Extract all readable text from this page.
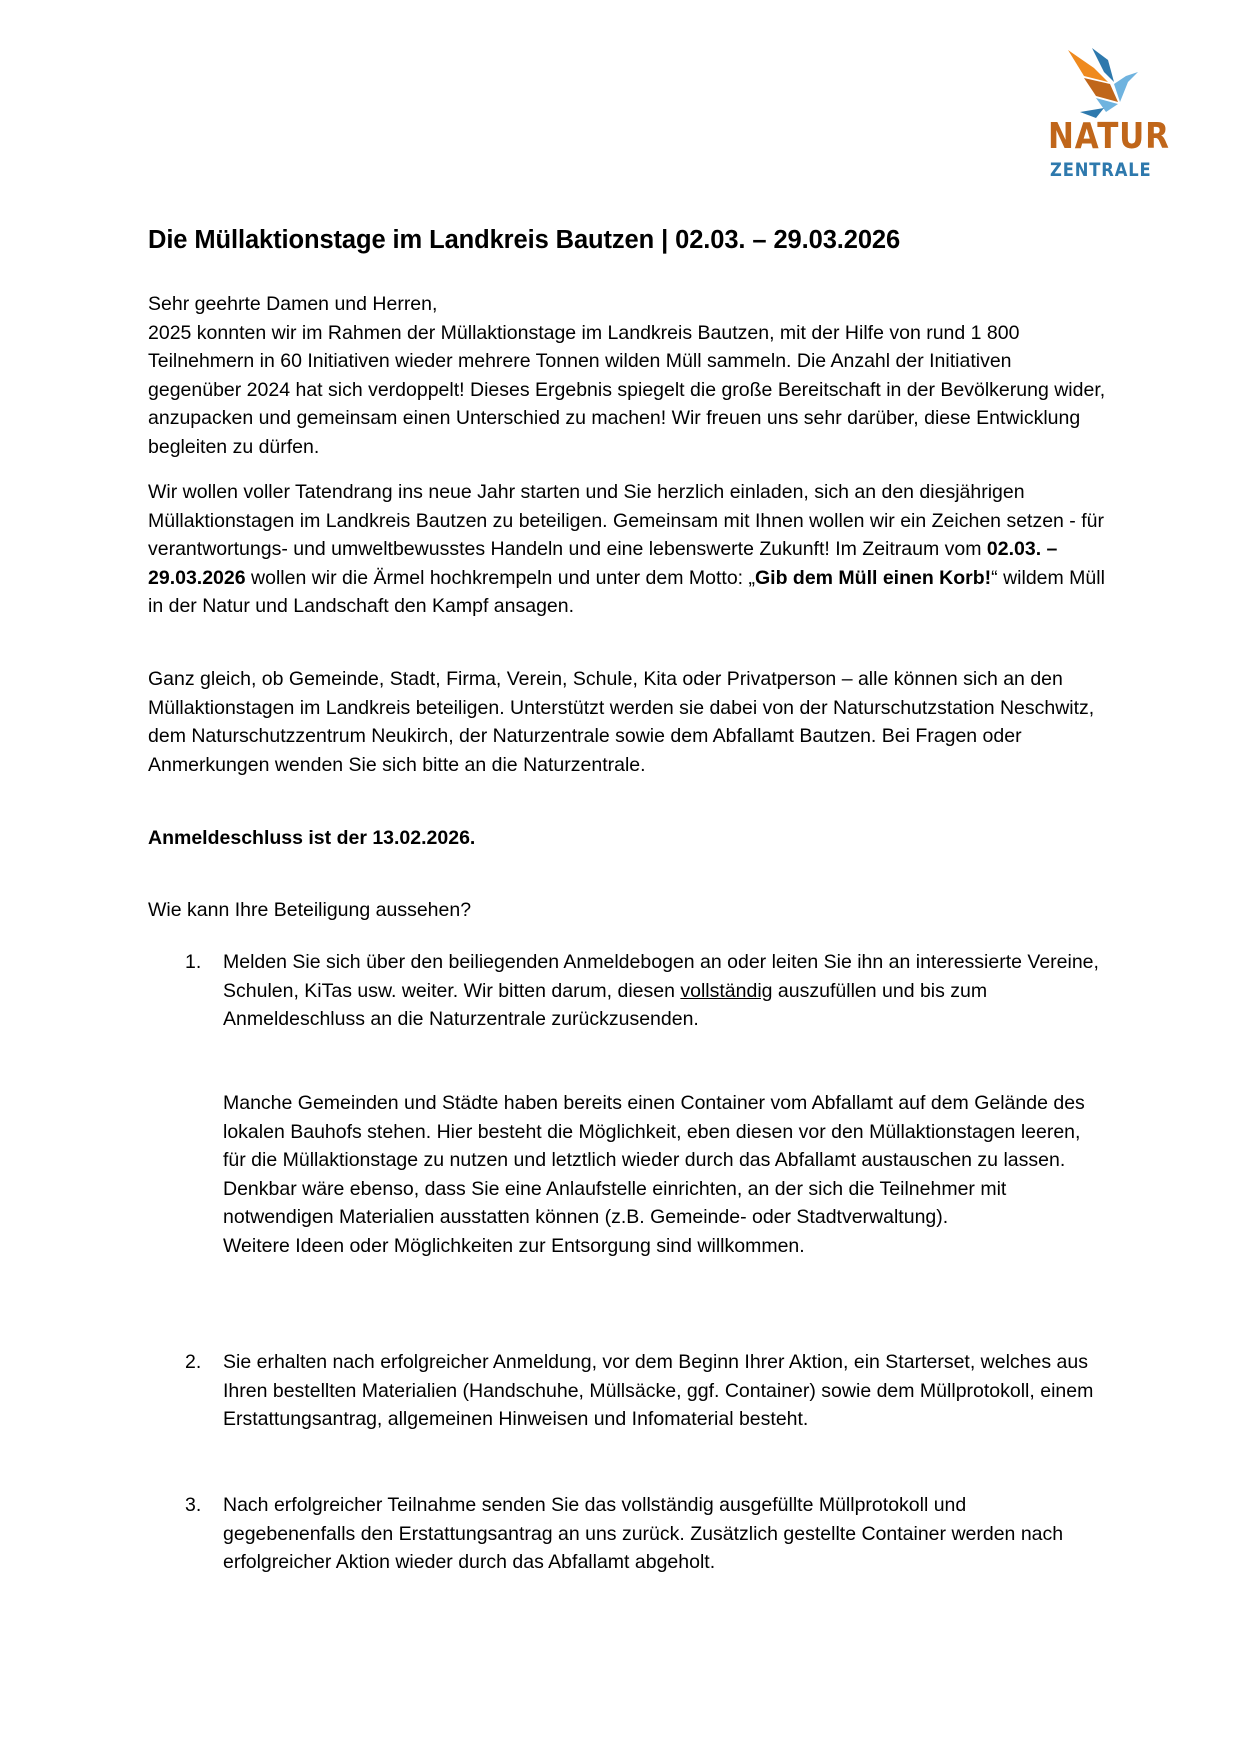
NATUR
ZENTRALE
Die Müllaktionstage im Landkreis Bautzen | 02.03. – 29.03.2026

Sehr geehrte Damen und Herren,

2025 konnten wir im Rahmen der Müllaktionstage im Landkreis Bautzen, mit der Hilfe von rund 1 800 Teilnehmern in 60 Initiativen wieder mehrere Tonnen wilden Müll sammeln. Die Anzahl der Initiativen gegenüber 2024 hat sich verdoppelt! Dieses Ergebnis spiegelt die große Bereitschaft in der Bevölkerung wider, anzupacken und gemeinsam einen Unterschied zu machen! Wir freuen uns sehr darüber, diese Entwicklung begleiten zu dürfen.

Wir wollen voller Tatendrang ins neue Jahr starten und Sie herzlich einladen, sich an den diesjährigen Müllaktionstagen im Landkreis Bautzen zu beteiligen. Gemeinsam mit Ihnen wollen wir ein Zeichen setzen - für verantwortungs- und umweltbewusstes Handeln und eine lebenswerte Zukunft! Im Zeitraum vom 02.03. – 29.03.2026 wollen wir die Ärmel hochkrempeln und unter dem Motto: „Gib dem Müll einen Korb!“ wildem Müll in der Natur und Landschaft den Kampf ansagen.
Ganz gleich, ob Gemeinde, Stadt, Firma, Verein, Schule, Kita oder Privatperson – alle können sich an den Müllaktionstagen im Landkreis beteiligen. Unterstützt werden sie dabei von der Naturschutzstation Neschwitz, dem Naturschutzzentrum Neukirch, der Naturzentrale sowie dem Abfallamt Bautzen. Bei Fragen oder Anmerkungen wenden Sie sich bitte an die Naturzentrale.
Anmeldeschluss ist der 13.02.2026.
Wie kann Ihre Beteiligung aussehen?
1. Melden Sie sich über den beiliegenden Anmeldebogen an oder leiten Sie ihn an interessierte Vereine, Schulen, KiTas usw. weiter. Wir bitten darum, diesen vollständig auszufüllen und bis zum Anmeldeschluss an die Naturzentrale zurückzusenden.
Manche Gemeinden und Städte haben bereits einen Container vom Abfallamt auf dem Gelände des lokalen Bauhofs stehen. Hier besteht die Möglichkeit, eben diesen vor den Müllaktionstagen leeren, für die Müllaktionstage zu nutzen und letztlich wieder durch das Abfallamt austauschen zu lassen.
Denkbar wäre ebenso, dass Sie eine Anlaufstelle einrichten, an der sich die Teilnehmer mit notwendigen Materialien ausstatten können (z.B. Gemeinde- oder Stadtverwaltung).
Weitere Ideen oder Möglichkeiten zur Entsorgung sind willkommen.
2. Sie erhalten nach erfolgreicher Anmeldung, vor dem Beginn Ihrer Aktion, ein Starterset, welches aus Ihren bestellten Materialien (Handschuhe, Müllsäcke, ggf. Container) sowie dem Müllprotokoll, einem Erstattungsantrag, allgemeinen Hinweisen und Infomaterial besteht.
3. Nach erfolgreicher Teilnahme senden Sie das vollständig ausgefüllte Müllprotokoll und gegebenenfalls den Erstattungsantrag an uns zurück. Zusätzlich gestellte Container werden nach erfolgreicher Aktion wieder durch das Abfallamt abgeholt.
